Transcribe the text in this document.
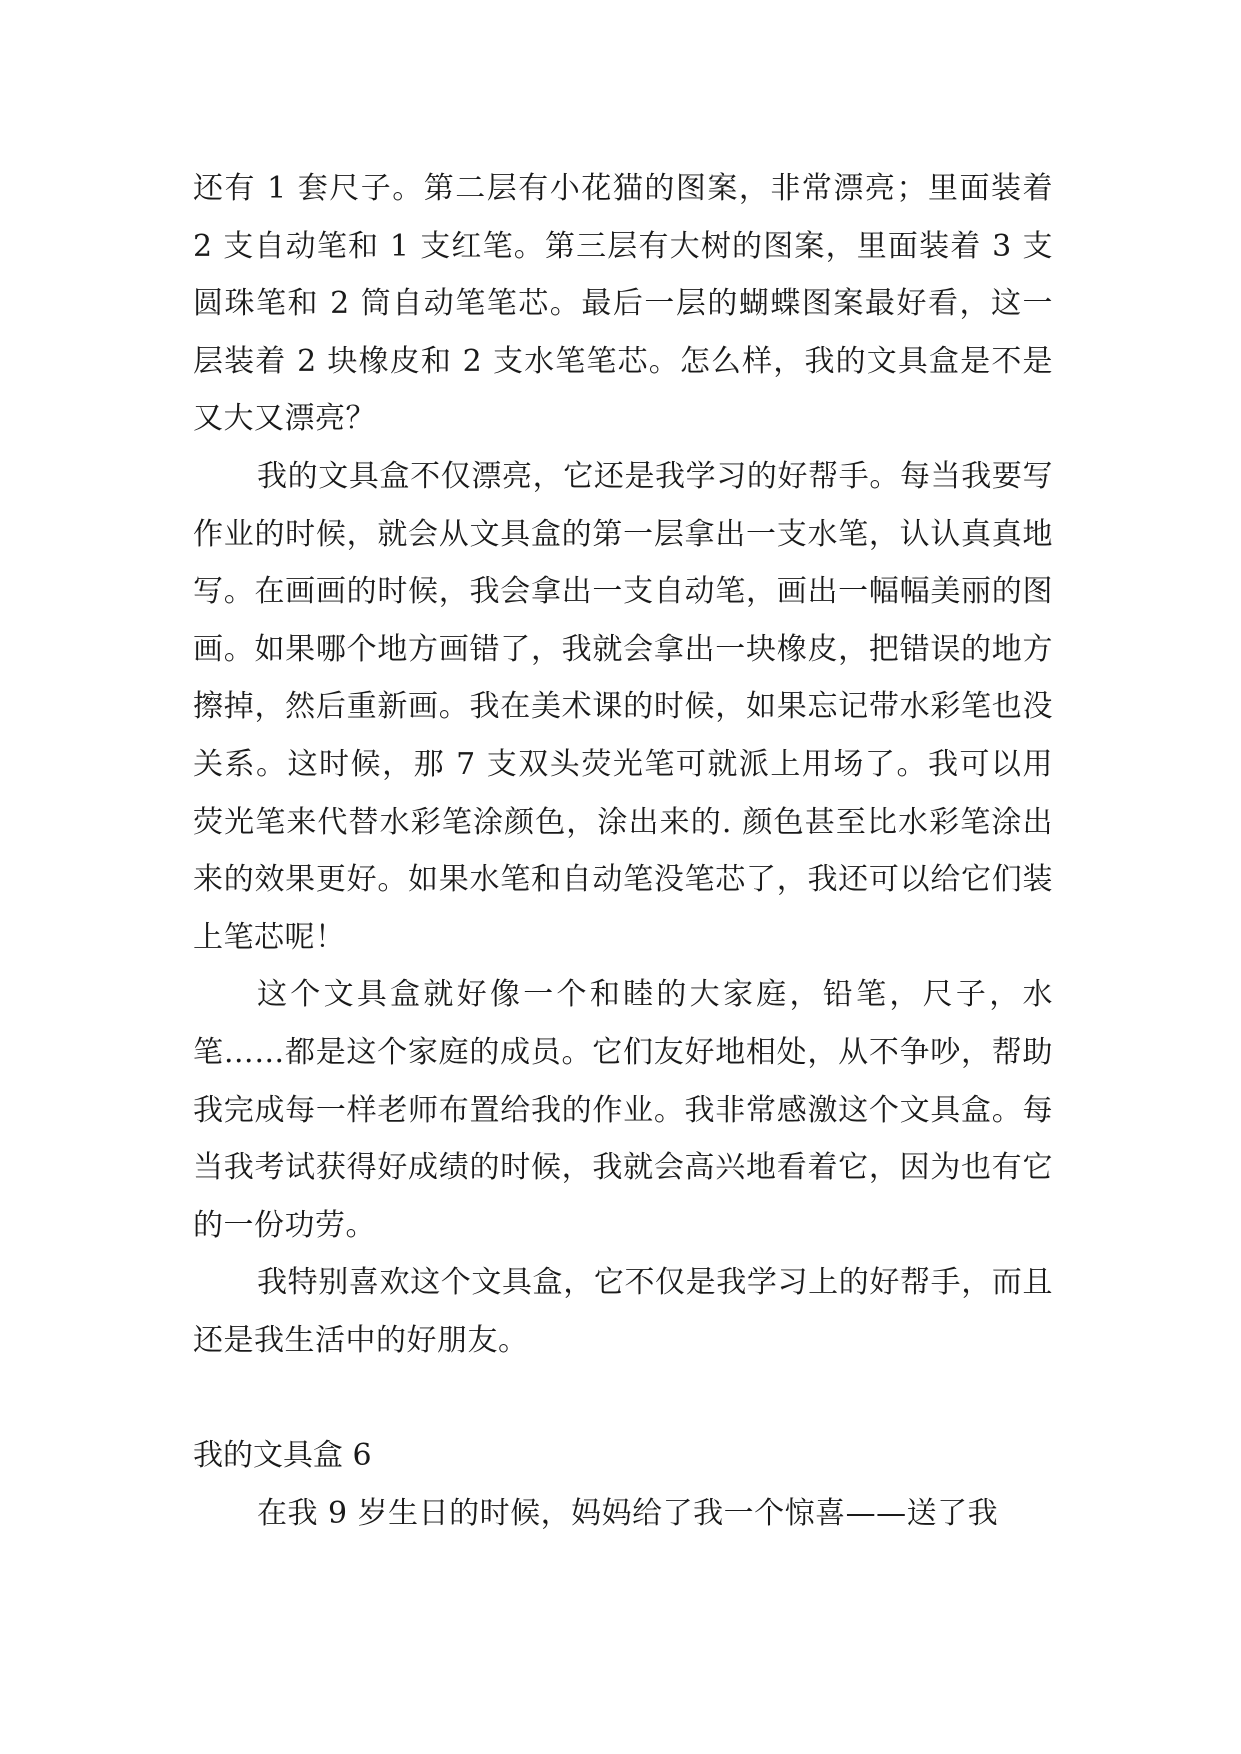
还有 1 套尺子。第二层有小花猫的图案，非常漂亮；里面装着 2 支自动笔和 1 支红笔。第三层有大树的图案，里面装着 3 支圆珠笔和 2 筒自动笔笔芯。最后一层的蝴蝶图案最好看，这一层装着 2 块橡皮和 2 支水笔笔芯。怎么样，我的文具盒是不是又大又漂亮？

我的文具盒不仅漂亮，它还是我学习的好帮手。每当我要写作业的时候，就会从文具盒的第一层拿出一支水笔，认认真真地写。在画画的时候，我会拿出一支自动笔，画出一幅幅美丽的图画。如果哪个地方画错了，我就会拿出一块橡皮，把错误的地方擦掉，然后重新画。我在美术课的时候，如果忘记带水彩笔也没关系。这时候，那 7 支双头荧光笔可就派上用场了。我可以用荧光笔来代替水彩笔涂颜色，涂出来的. 颜色甚至比水彩笔涂出来的效果更好。如果水笔和自动笔没笔芯了，我还可以给它们装上笔芯呢！

这个文具盒就好像一个和睦的大家庭，铅笔，尺子，水笔……都是这个家庭的成员。它们友好地相处，从不争吵，帮助我完成每一样老师布置给我的作业。我非常感激这个文具盒。每当我考试获得好成绩的时候，我就会高兴地看着它，因为也有它的一份功劳。

我特别喜欢这个文具盒，它不仅是我学习上的好帮手，而且还是我生活中的好朋友。

我的文具盒 6

在我 9 岁生日的时候，妈妈给了我一个惊喜——送了我
